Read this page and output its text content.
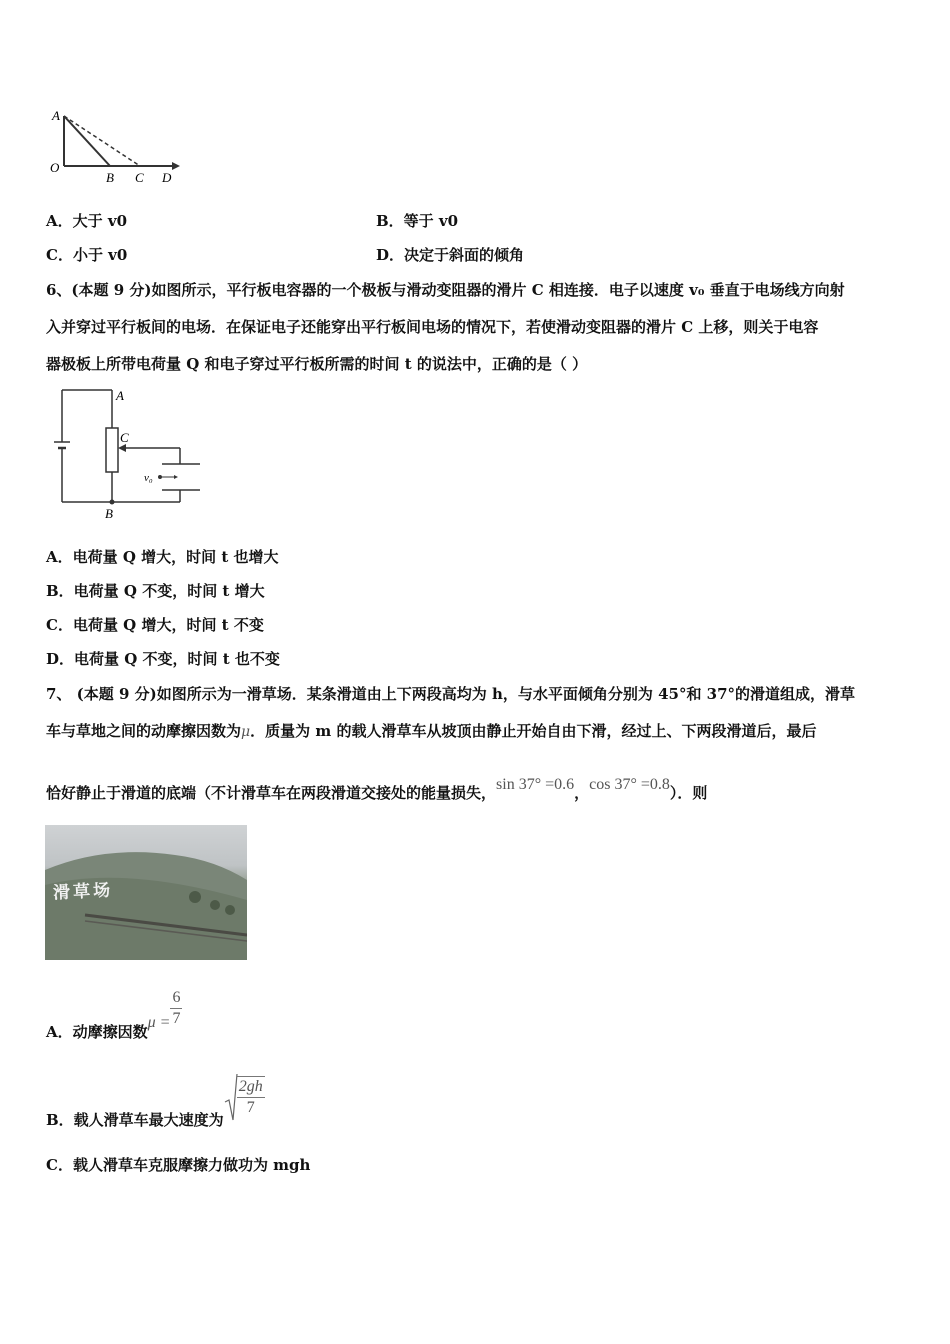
A
O
B C D
A．大于 v0	B．等于 v0
C．小于 v0	D．决定于斜面的倾角
6、(本题 9 分)如图所示，平行板电容器的一个极板与滑动变阻器的滑片 C 相连接．电子以速度 v₀ 垂直于电场线方向射
入并穿过平行板间的电场．在保证电子还能穿出平行板间电场的情况下，若使滑动变阻器的滑片 C 上移，则关于电容
器极板上所带电荷量 Q 和电子穿过平行板所需的时间 t 的说法中，正确的是（ ）
A
C
B
v₀
A．电荷量 Q 增大，时间 t 也增大
B．电荷量 Q 不变，时间 t 增大
C．电荷量 Q 增大，时间 t 不变
D．电荷量 Q 不变，时间 t 也不变
7、 (本题 9 分)如图所示为一滑草场．某条滑道由上下两段高均为 h，与水平面倾角分别为 45°和 37°的滑道组成，滑草
车与草地之间的动摩擦因数为μ．质量为 m 的载人滑草车从坡顶由静止开始自由下滑，经过上、下两段滑道后，最后
恰好静止于滑道的底端（不计滑草车在两段滑道交接处的能量损失，sin 37° =0.6，cos 37° =0.8）．则
滑草场
A．动摩擦因数$\mu = \frac{6}{7}$
B．载人滑草车最大速度为
$\frac{2gh}{7}$
C．载人滑草车克服摩擦力做功为 mgh
